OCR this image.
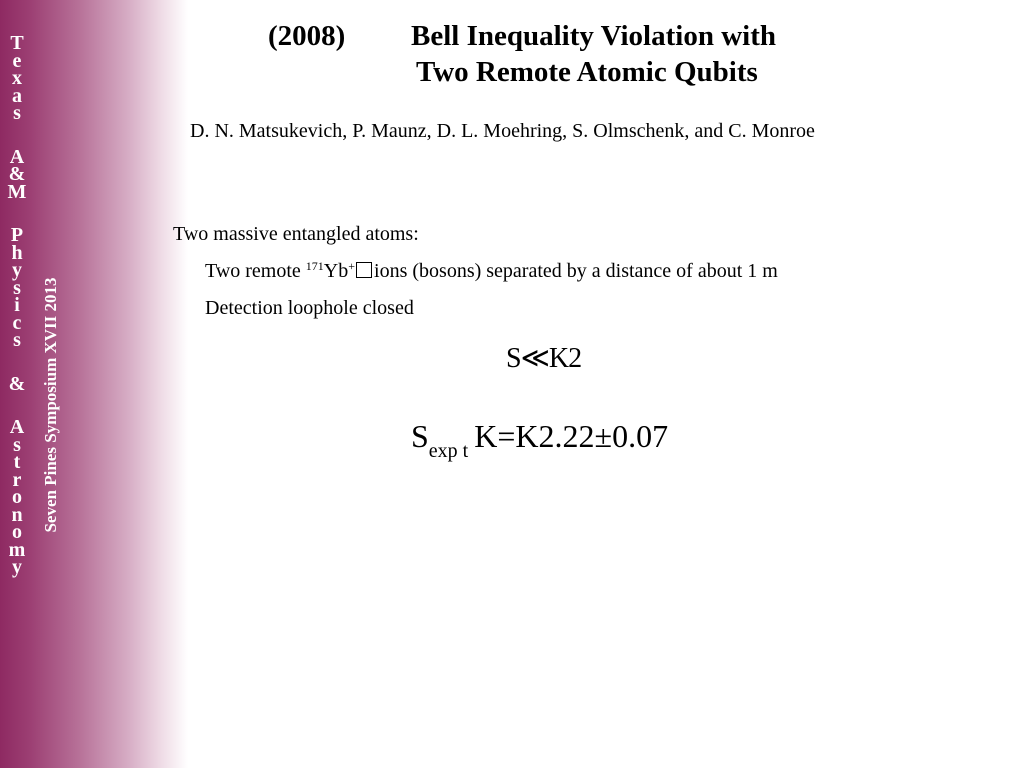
T
e
x
a
s
A
&
M
P
h
y
s
i
c
s
&
A
s
t
r
o
n
o
m
y
Seven Pines Symposium XVII 2013
(2008) Bell Inequality Violation with
Two Remote Atomic Qubits
D. N. Matsukevich, P. Maunz, D. L. Moehring, S. Olmschenk, and C. Monroe
Two massive entangled atoms:
Two remote $^{171}$Yb+ ions (bosons) separated by a distance of about 1 m
Detection loophole closed
S≪K2
$S_{exp t}$ K=K2.22±0.07
